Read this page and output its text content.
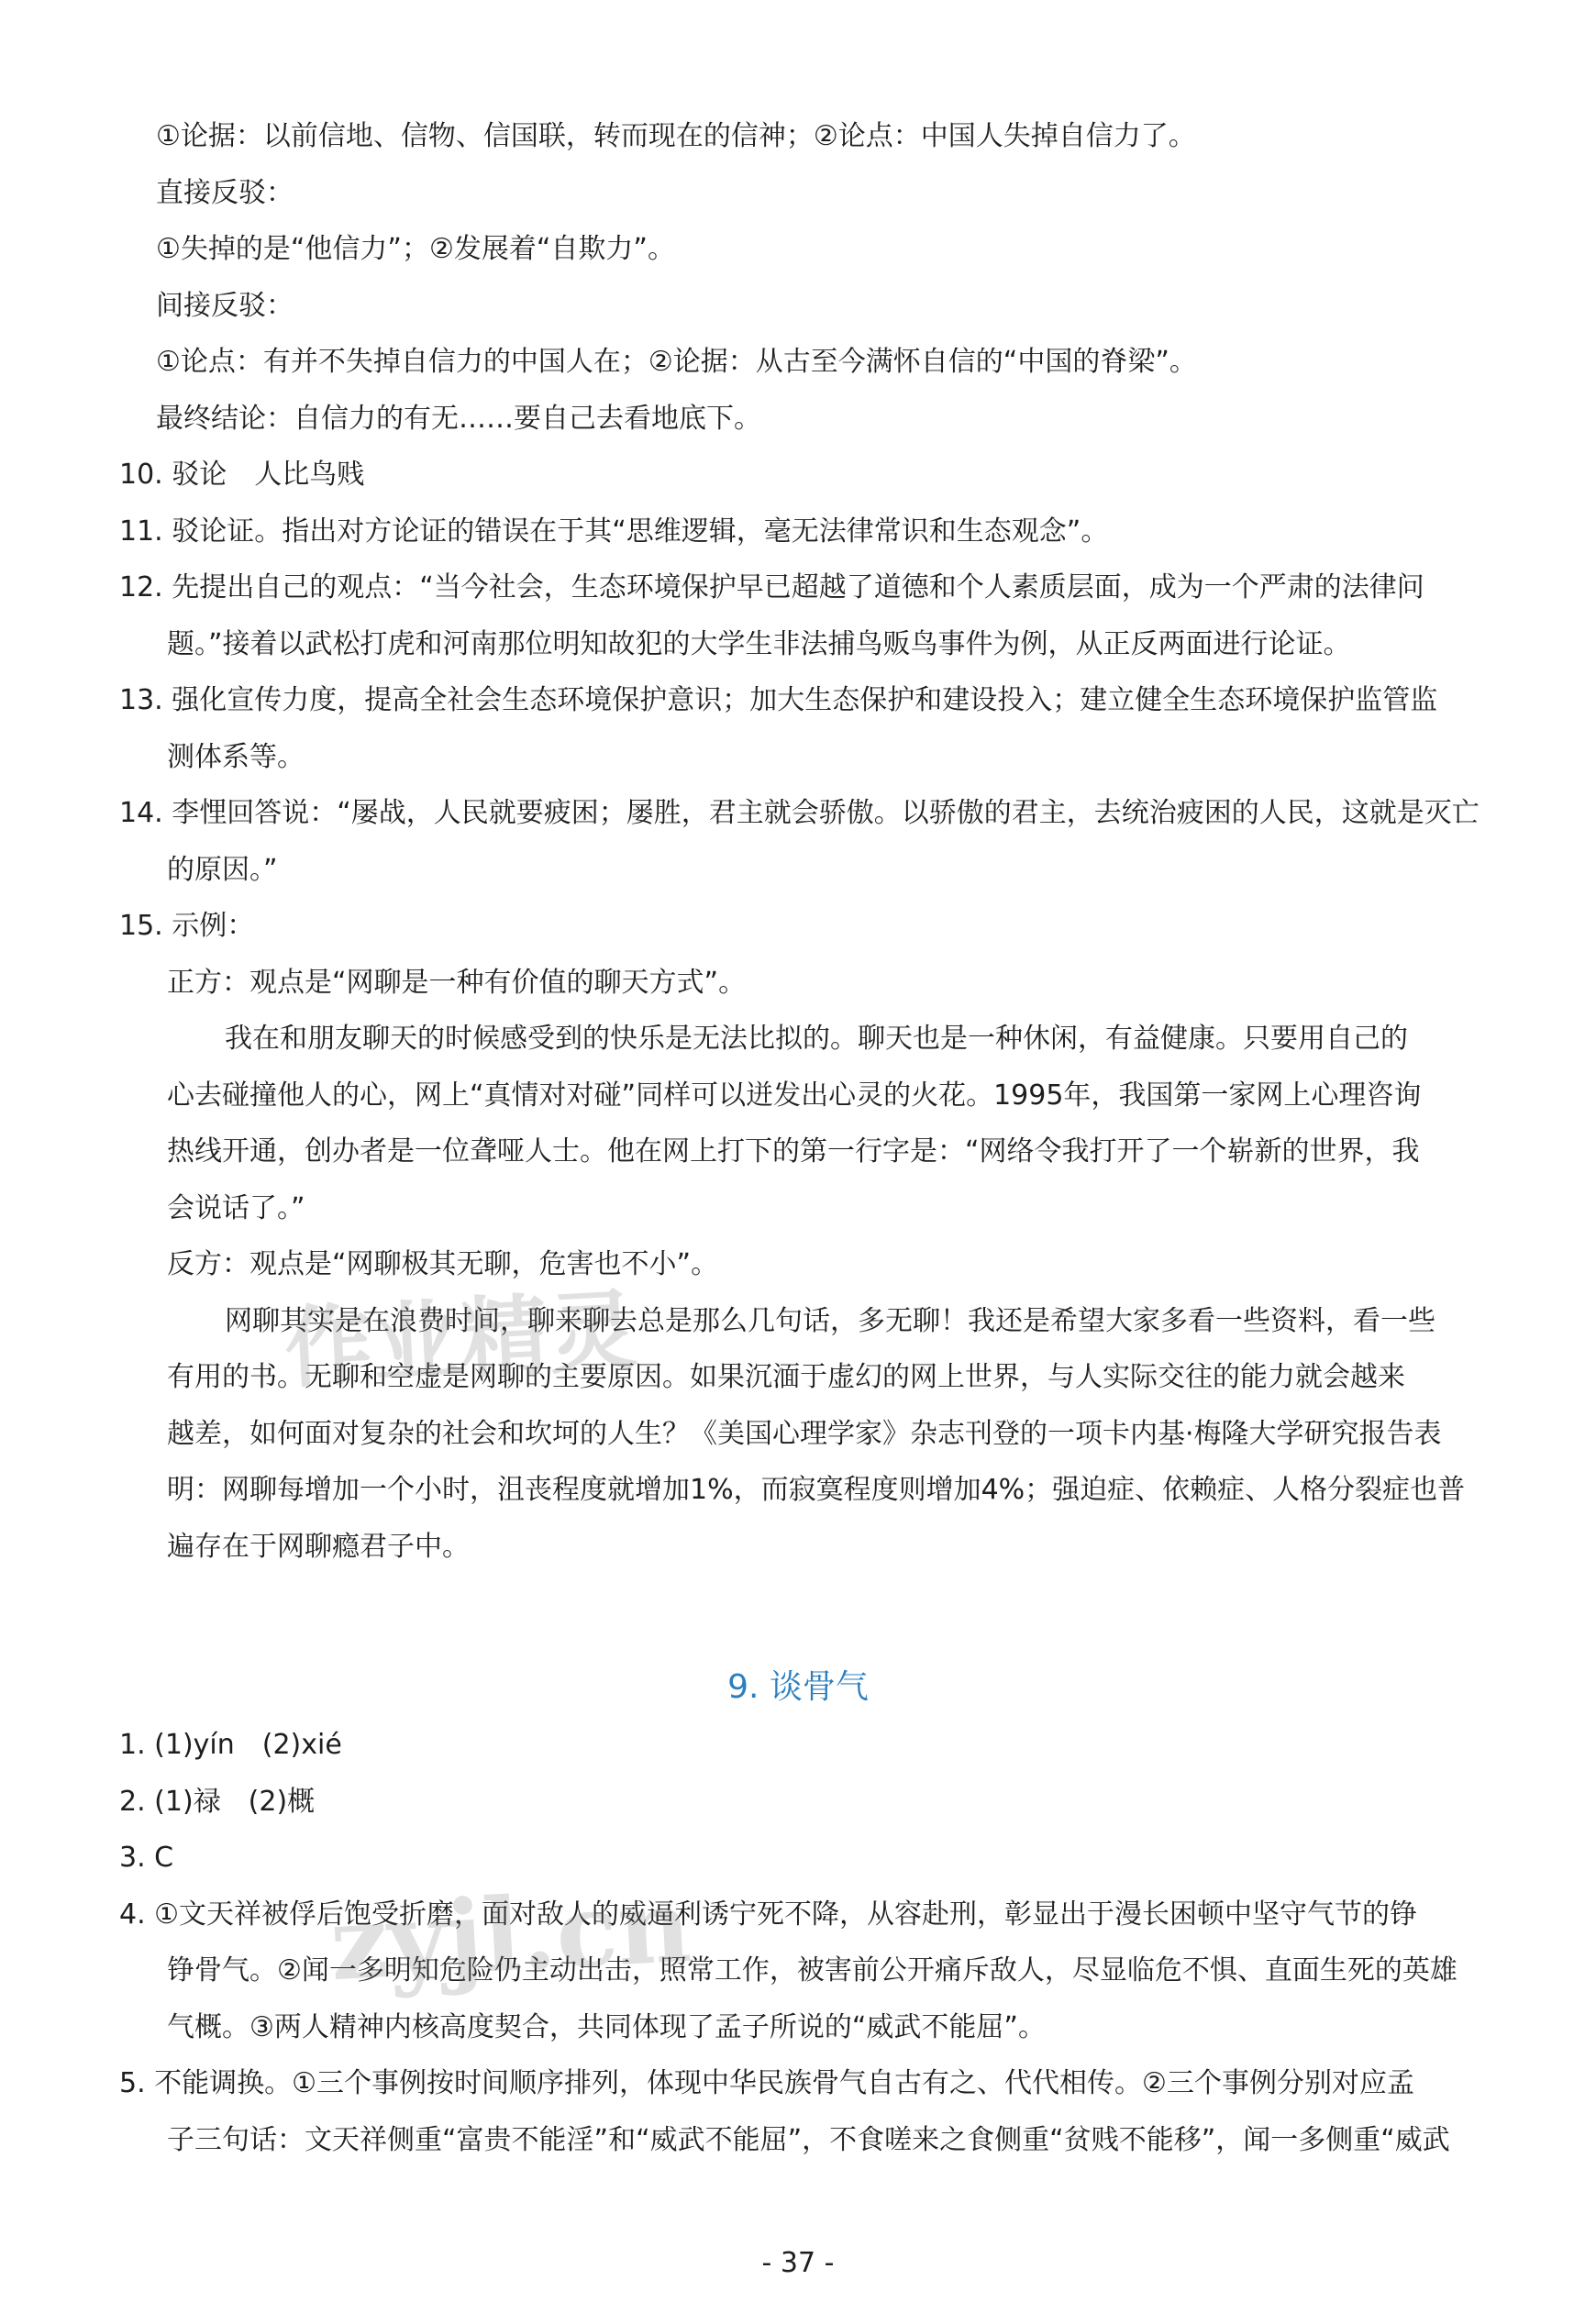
①论据：以前信地、信物、信国联，转而现在的信神；②论点：中国人失掉自信力了。
直接反驳：
①失掉的是“他信力”；②发展着“自欺力”。
间接反驳：
①论点：有并不失掉自信力的中国人在；②论据：从古至今满怀自信的“中国的脊梁”。
最终结论：自信力的有无……要自己去看地底下。
10. 驳论　人比鸟贱
11. 驳论证。指出对方论证的错误在于其“思维逻辑，毫无法律常识和生态观念”。
12. 先提出自己的观点：“当今社会，生态环境保护早已超越了道德和个人素质层面，成为一个严肃的法律问
题。”接着以武松打虎和河南那位明知故犯的大学生非法捕鸟贩鸟事件为例，从正反两面进行论证。
13. 强化宣传力度，提高全社会生态环境保护意识；加大生态保护和建设投入；建立健全生态环境保护监管监
测体系等。
14. 李悝回答说：“屡战，人民就要疲困；屡胜，君主就会骄傲。以骄傲的君主，去统治疲困的人民，这就是灭亡
的原因。”
15. 示例：
正方：观点是“网聊是一种有价值的聊天方式”。
我在和朋友聊天的时候感受到的快乐是无法比拟的。聊天也是一种休闲，有益健康。只要用自己的
心去碰撞他人的心，网上“真情对对碰”同样可以迸发出心灵的火花。1995年，我国第一家网上心理咨询
热线开通，创办者是一位聋哑人士。他在网上打下的第一行字是：“网络令我打开了一个崭新的世界，我
会说话了。”
反方：观点是“网聊极其无聊，危害也不小”。
网聊其实是在浪费时间，聊来聊去总是那么几句话，多无聊！我还是希望大家多看一些资料，看一些
有用的书。无聊和空虚是网聊的主要原因。如果沉湎于虚幻的网上世界，与人实际交往的能力就会越来
越差，如何面对复杂的社会和坎坷的人生？《美国心理学家》杂志刊登的一项卡内基·梅隆大学研究报告表
明：网聊每增加一个小时，沮丧程度就增加1%，而寂寞程度则增加4%；强迫症、依赖症、人格分裂症也普
遍存在于网聊瘾君子中。
9. 谈骨气
1. (1)yín　(2)xié
2. (1)禄　(2)概
3. C
4. ①文天祥被俘后饱受折磨，面对敌人的威逼利诱宁死不降，从容赴刑，彰显出于漫长困顿中坚守气节的铮
铮骨气。②闻一多明知危险仍主动出击，照常工作，被害前公开痛斥敌人，尽显临危不惧、直面生死的英雄
气概。③两人精神内核高度契合，共同体现了孟子所说的“威武不能屈”。
5. 不能调换。①三个事例按时间顺序排列，体现中华民族骨气自古有之、代代相传。②三个事例分别对应孟
子三句话：文天祥侧重“富贵不能淫”和“威武不能屈”，不食嗟来之食侧重“贫贱不能移”，闻一多侧重“威武
- 37 -
作业精灵
zyjl.cn
